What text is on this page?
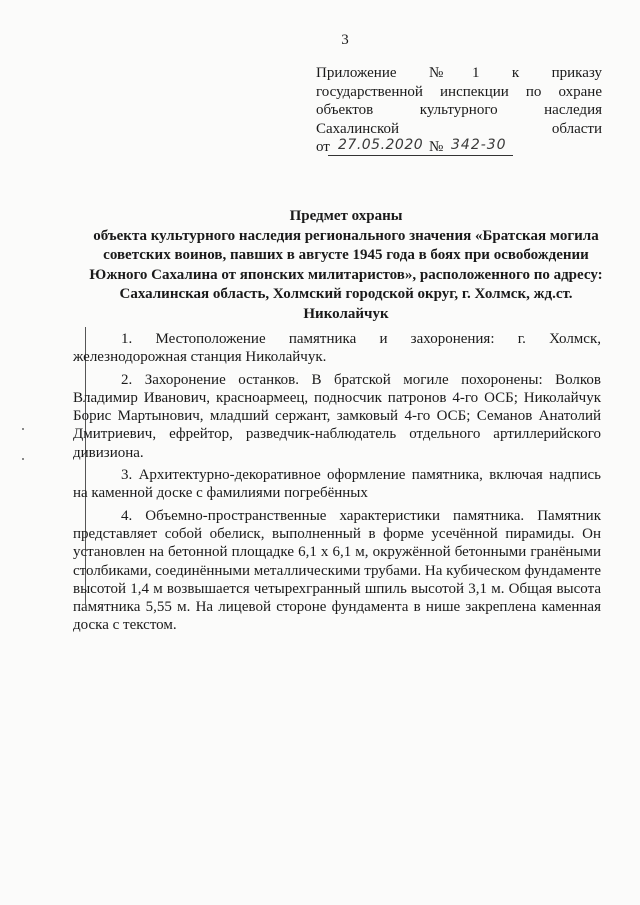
3
Приложение №1 к приказу
государственной инспекции по охране
объектов культурного наследия
Сахалинской области
от 27.05.2020 № 342-30
Предмет охраны
объекта культурного наследия регионального значения «Братская могила советских воинов, павших в августе 1945 года в боях при освобождении Южного Сахалина от японских милитаристов», расположенного по адресу: Сахалинская область, Холмский городской округ, г. Холмск, жд.ст. Николайчук

1. Местоположение памятника и захоронения: г. Холмск, железнодорожная станция Николайчук.

2. Захоронение останков. В братской могиле похоронены: Волков Владимир Иванович, красноармеец, подносчик патронов 4-го ОСБ; Николайчук Борис Мартынович, младший сержант, замковый 4-го ОСБ; Семанов Анатолий Дмитриевич, ефрейтор, разведчик-наблюдатель отдельного артиллерийского дивизиона.

3. Архитектурно-декоративное оформление памятника, включая надпись на каменной доске с фамилиями погребённых

4. Объемно-пространственные характеристики памятника. Памятник представляет собой обелиск, выполненный в форме усечённой пирамиды. Он установлен на бетонной площадке 6,1 х 6,1 м, окружённой бетонными гранёными столбиками, соединёнными металлическими трубами. На кубическом фундаменте высотой 1,4 м возвышается четырехгранный шпиль высотой 3,1 м. Общая высота памятника 5,55 м. На лицевой стороне фундамента в нише закреплена каменная доска с текстом.
